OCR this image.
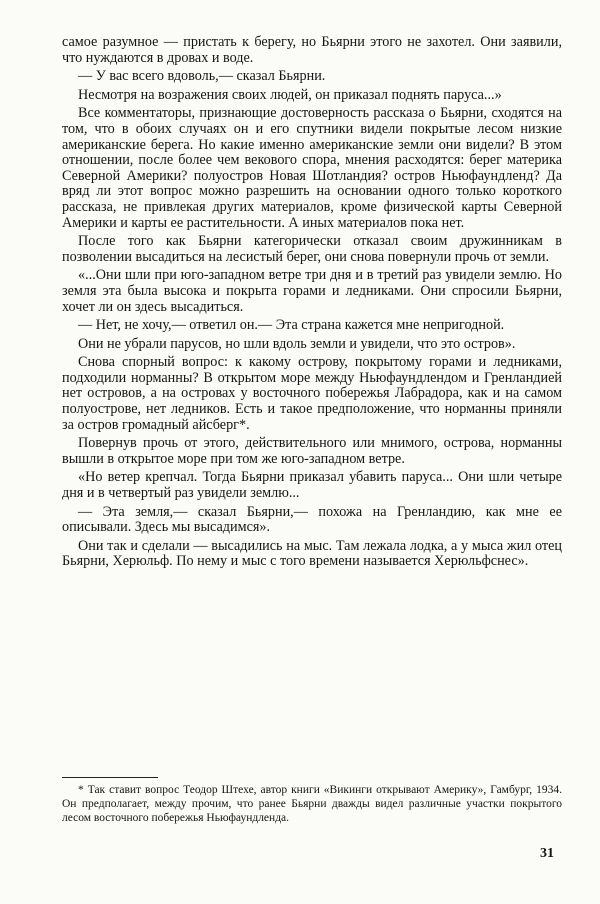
самое разумное — пристать к берегу, но Бьярни этого не захотел. Они заявили, что нуждаются в дровах и воде.

— У вас всего вдоволь,— сказал Бьярни.

Несмотря на возражения своих людей, он приказал поднять паруса...»

Все комментаторы, признающие достоверность рассказа о Бьярни, сходятся на том, что в обоих случаях он и его спутники видели покрытые лесом низкие американские берега. Но какие именно американские земли они видели? В этом отношении, после более чем векового спора, мнения расходятся: берег материка Северной Америки? полуостров Новая Шотландия? остров Ньюфаундленд? Да вряд ли этот вопрос можно разрешить на основании одного только короткого рассказа, не привлекая других материалов, кроме физической карты Северной Америки и карты ее растительности. А иных материалов пока нет.

После того как Бьярни категорически отказал своим дружинникам в позволении высадиться на лесистый берег, они снова повернули прочь от земли.

«...Они шли при юго-западном ветре три дня и в третий раз увидели землю. Но земля эта была высока и покрыта горами и ледниками. Они спросили Бьярни, хочет ли он здесь высадиться.

— Нет, не хочу,— ответил он.— Эта страна кажется мне непригодной.

Они не убрали парусов, но шли вдоль земли и увидели, что это остров».

Снова спорный вопрос: к какому острову, покрытому горами и ледниками, подходили норманны? В открытом море между Ньюфаундлендом и Гренландией нет островов, а на островах у восточного побережья Лабрадора, как и на самом полуострове, нет ледников. Есть и такое предположение, что норманны приняли за остров громадный айсберг*.

Повернув прочь от этого, действительного или мнимого, острова, норманны вышли в открытое море при том же юго-западном ветре.

«Но ветер крепчал. Тогда Бьярни приказал убавить паруса... Они шли четыре дня и в четвертый раз увидели землю...

— Эта земля,— сказал Бьярни,— похожа на Гренландию, как мне ее описывали. Здесь мы высадимся».

Они так и сделали — высадились на мыс. Там лежала лодка, а у мыса жил отец Бьярни, Херюльф. По нему и мыс с того времени называется Херюльфснес».

* Так ставит вопрос Теодор Штехе, автор книги «Викинги открывают Америку», Гамбург, 1934. Он предполагает, между прочим, что ранее Бьярни дважды видел различные участки покрытого лесом восточного побережья Ньюфаундленда.
31
